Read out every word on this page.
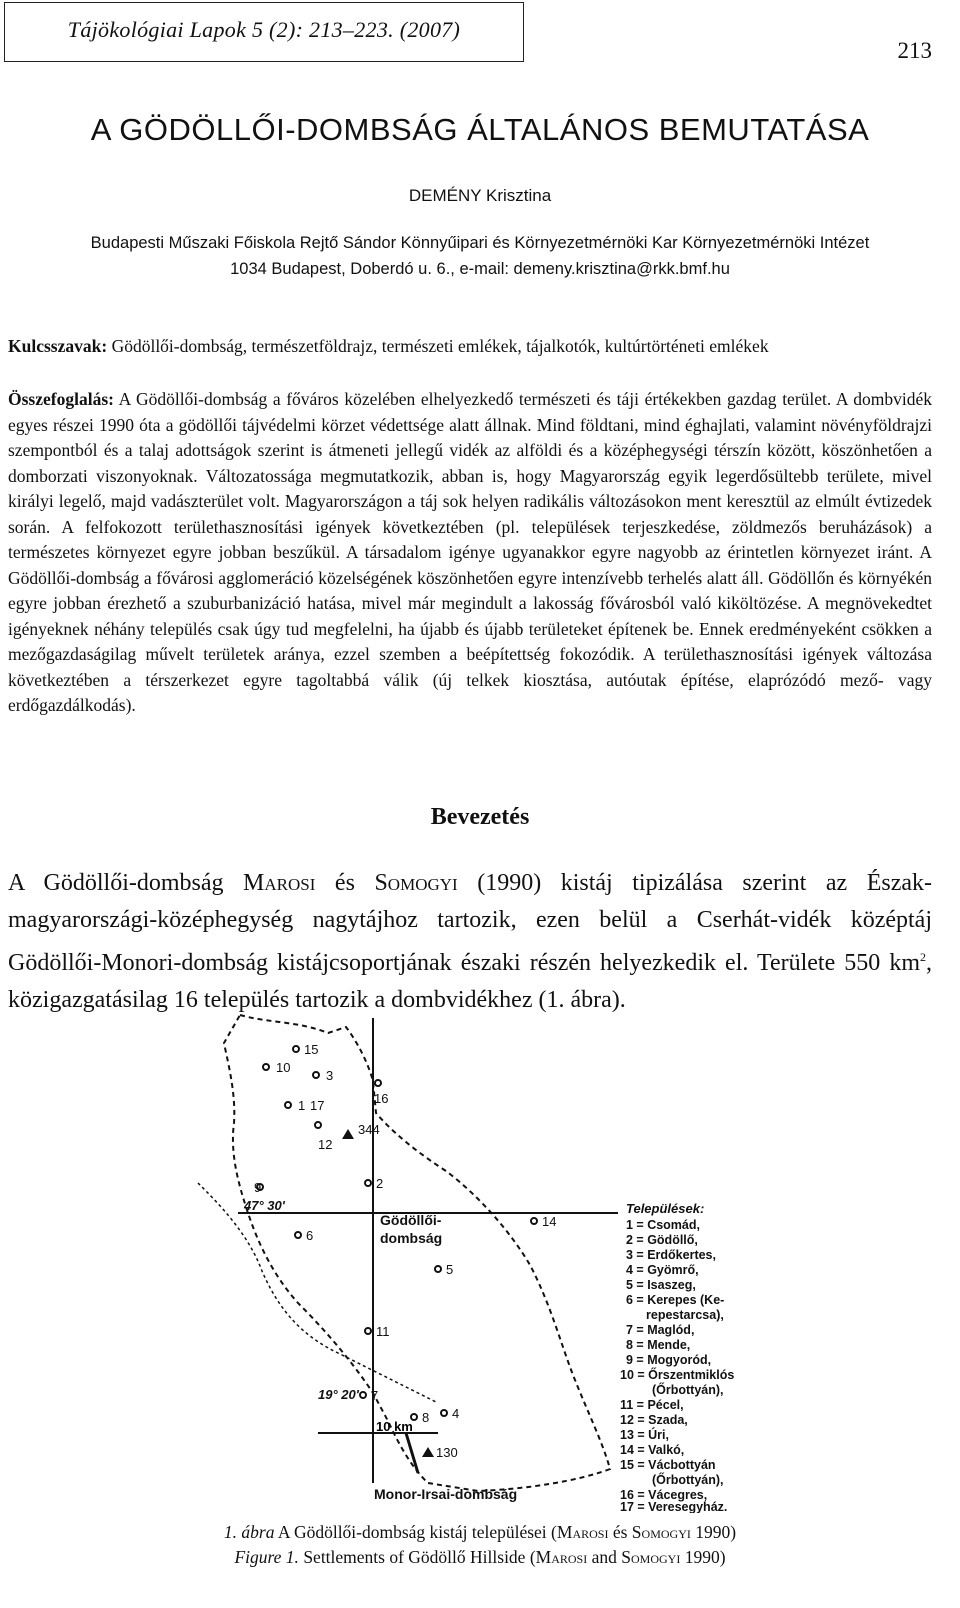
Tájökológiai Lapok 5 (2): 213–223. (2007)
213
A GÖDÖLLŐI-DOMBSÁG ÁLTALÁNOS BEMUTATÁSA
DEMÉNY Krisztina
Budapesti Műszaki Főiskola Rejtő Sándor Könnyűipari és Környezetmérnöki Kar Környezetmérnöki Intézet
1034 Budapest, Doberdó u. 6., e-mail: demeny.krisztina@rkk.bmf.hu
Kulcsszavak: Gödöllői-dombság, természetföldrajz, természeti emlékek, tájalkotók, kultúrtörténeti emlékek

Összefoglalás: A Gödöllői-dombság a főváros közelében elhelyezkedő természeti és táji értékekben gazdag terület. A dombvidék egyes részei 1990 óta a gödöllői tájvédelmi körzet védettsége alatt állnak. Mind földtani, mind éghajlati, valamint növényföldrajzi szempontból és a talaj adottságok szerint is átmeneti jellegű vidék az alföldi és a középhegységi térszín között, köszönhetően a domborzati viszonyoknak. Változatossága megmutatkozik, abban is, hogy Magyarország egyik legerdősültebb területe, mivel királyi legelő, majd vadászterület volt. Magyarországon a táj sok helyen radikális változásokon ment keresztül az elmúlt évtizedek során. A felfokozott területhasznosítási igények következtében (pl. települések terjeszkedése, zöldmezős beruházások) a természetes környezet egyre jobban beszűkül. A társadalom igénye ugyanakkor egyre nagyobb az érintetlen környezet iránt. A Gödöllői-dombság a fővárosi agglomeráció közelségének köszönhetően egyre intenzívebb terhelés alatt áll. Gödöllőn és környékén egyre jobban érezhető a szuburbanizáció hatása, mivel már megindult a lakosság fővárosból való kiköltözése. A megnövekedtet igényeknek néhány település csak úgy tud megfelelni, ha újabb és újabb területeket építenek be. Ennek eredményeként csökken a mezőgazdaságilag művelt területek aránya, ezzel szemben a beépítettség fokozódik. A területhasznosítási igények változása következtében a térszerkezet egyre tagoltabbá válik (új telkek kiosztása, autóutak építése, elaprózódó mező- vagy erdőgazdálkodás).

Bevezetés

A Gödöllői-dombság Marosi és Somogyi (1990) kistáj tipizálása szerint az Észak-magyarországi-középhegység nagytájhoz tartozik, ezen belül a Cserhát-vidék középtáj Gödöllői-Monori-dombság kistájcsoportjának északi részén helyezkedik el. Területe 550 $km^2$, közigazgatásilag 16 település tartozik a dombvidékhez (1. ábra).

15
10
3
16
1 17
12
2
9
14
6
5
11
7
8 4
344
130
Gödöllői-
dombság
Monor-Irsai-dombság
47° 30'
19° 20'
10 km
Települések:
1 = Csomád,
2 = Gödöllő,
3 = Erdőkertes,
4 = Gyömrő,
5 = Isaszeg,
6 = Kerepes (Ke-
repestarcsa),
7 = Maglód,
8 = Mende,
9 = Mogyoród,
10 = Őrszentmiklós
(Őrbottyán),
11 = Pécel,
12 = Szada,
13 = Úri,
14 = Valkó,
15 = Vácbottyán
(Őrbottyán),
16 = Vácegres,
17 = Veresegyház.
1. ábra A Gödöllői-dombság kistáj települései (Marosi és Somogyi 1990)
Figure 1. Settlements of Gödöllő Hillside (Marosi and Somogyi 1990)
